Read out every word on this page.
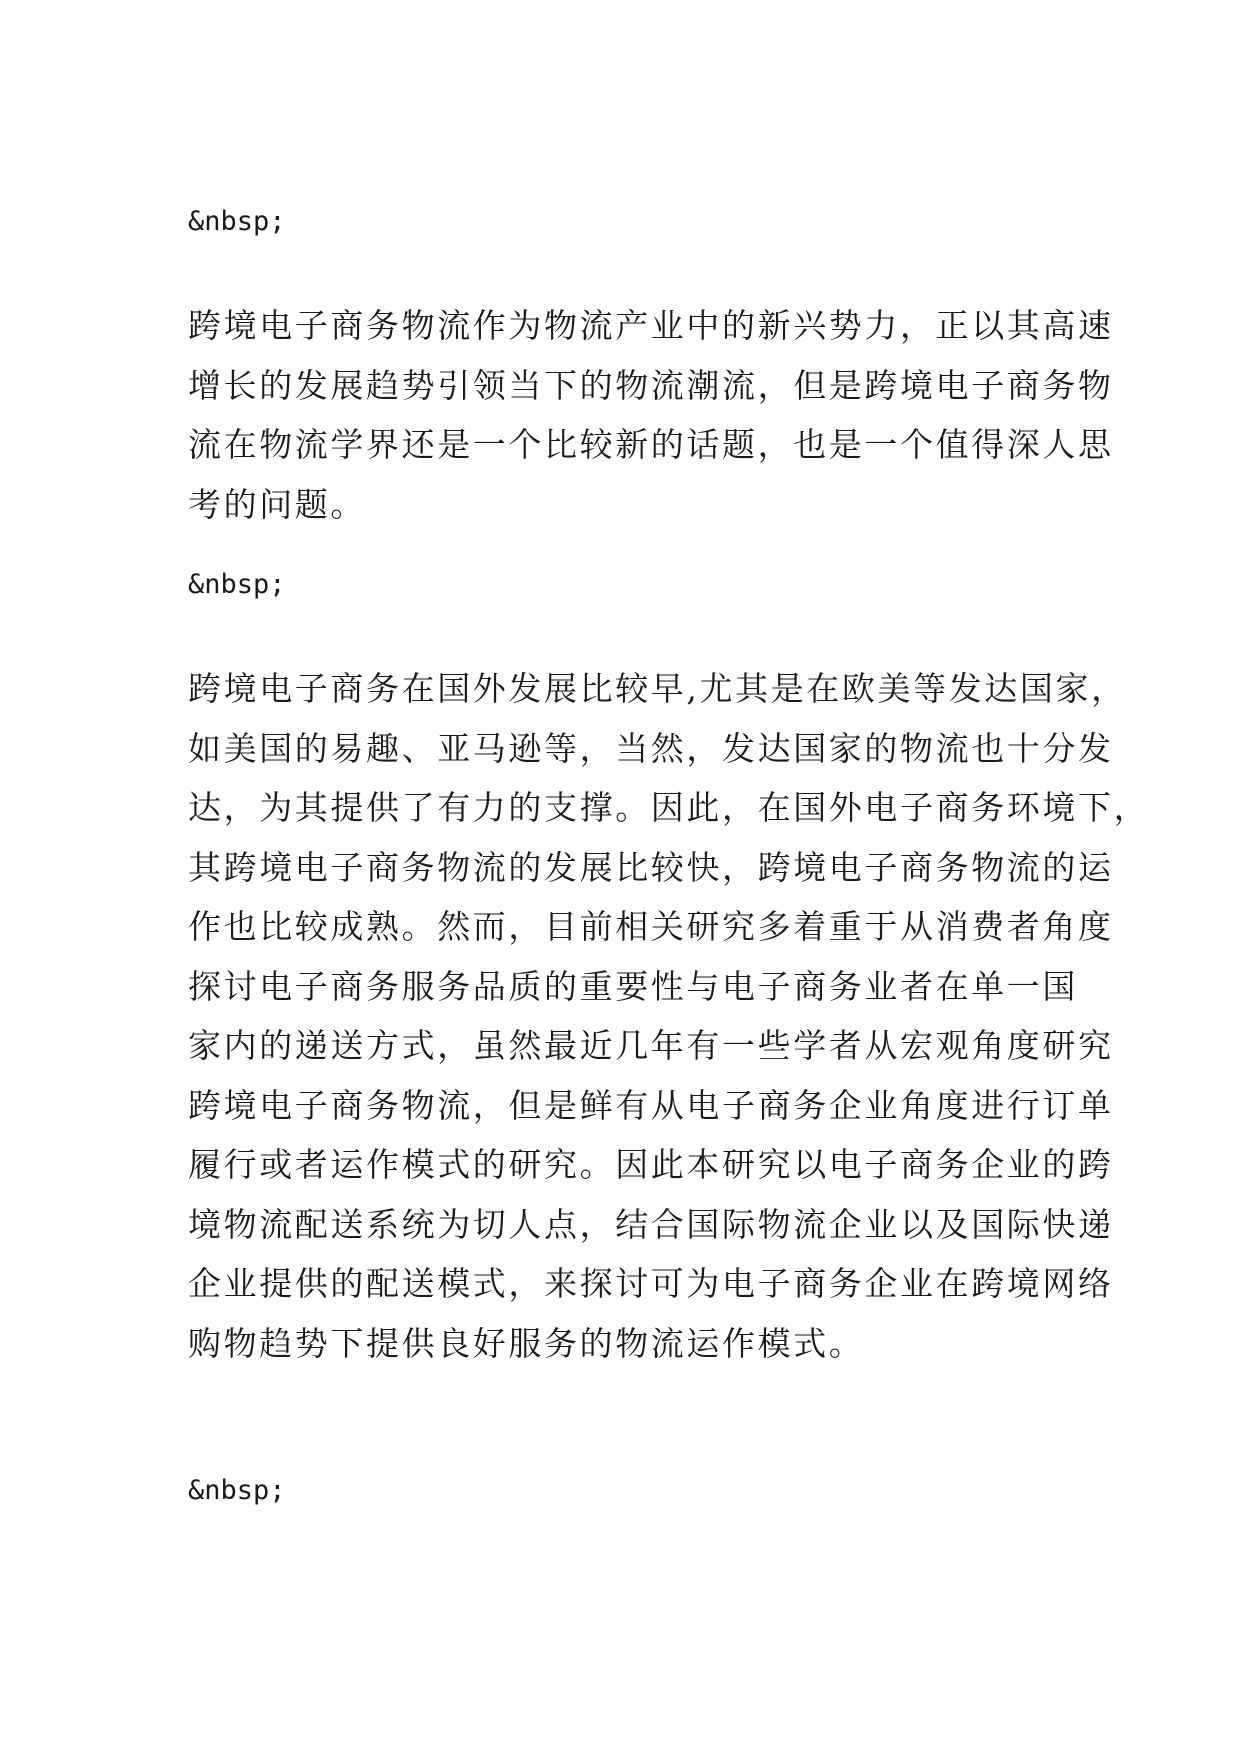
&nbsp;

跨境电子商务物流作为物流产业中的新兴势力，正以其高速
增长的发展趋势引领当下的物流潮流，但是跨境电子商务物
流在物流学界还是一个比较新的话题，也是一个值得深人思
考的问题。

&nbsp;

跨境电子商务在国外发展比较早,尤其是在欧美等发达国家，
如美国的易趣、亚马逊等，当然，发达国家的物流也十分发
达，为其提供了有力的支撑。因此，在国外电子商务环境下，
其跨境电子商务物流的发展比较快，跨境电子商务物流的运
作也比较成熟。然而，目前相关研究多着重于从消费者角度
探讨电子商务服务品质的重要性与电子商务业者在单一国
家内的递送方式，虽然最近几年有一些学者从宏观角度研究
跨境电子商务物流，但是鲜有从电子商务企业角度进行订单
履行或者运作模式的研究。因此本研究以电子商务企业的跨
境物流配送系统为切人点，结合国际物流企业以及国际快递
企业提供的配送模式，来探讨可为电子商务企业在跨境网络
购物趋势下提供良好服务的物流运作模式。

&nbsp;
